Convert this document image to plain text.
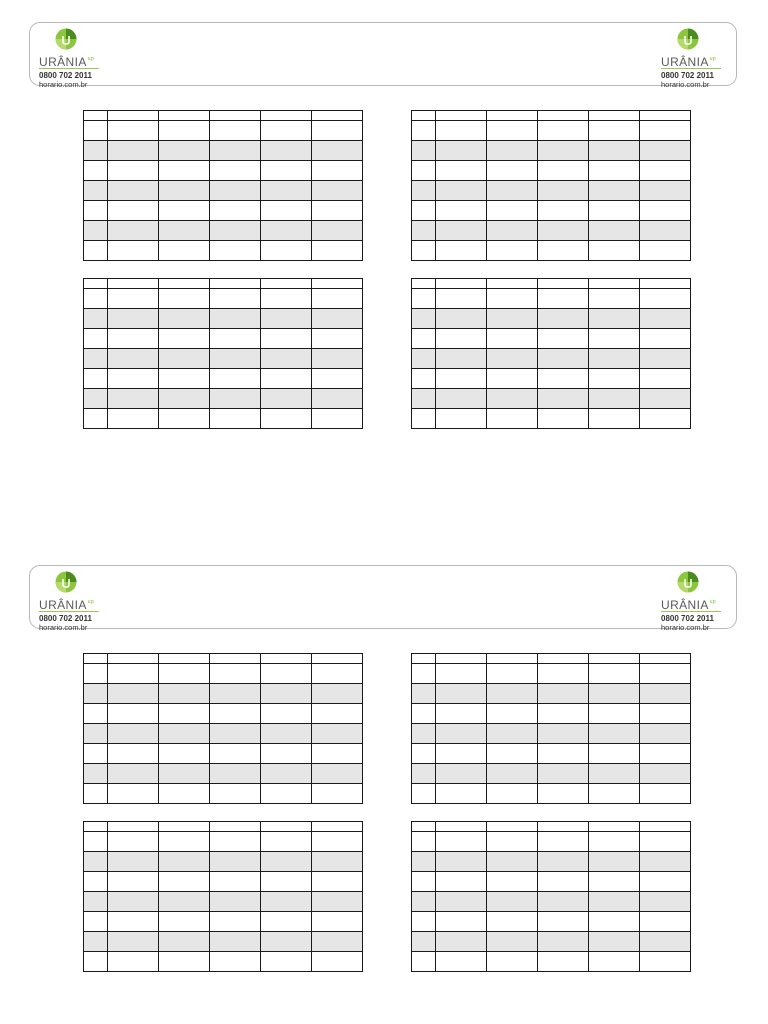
$URÂNIA^{up}$
0800 702 2011
horario.com.br
$URÂNIA^{up}$
0800 702 2011
horario.com.br
$URÂNIA^{up}$
0800 702 2011
horario.com.br
$URÂNIA^{up}$
0800 702 2011
horario.com.br
